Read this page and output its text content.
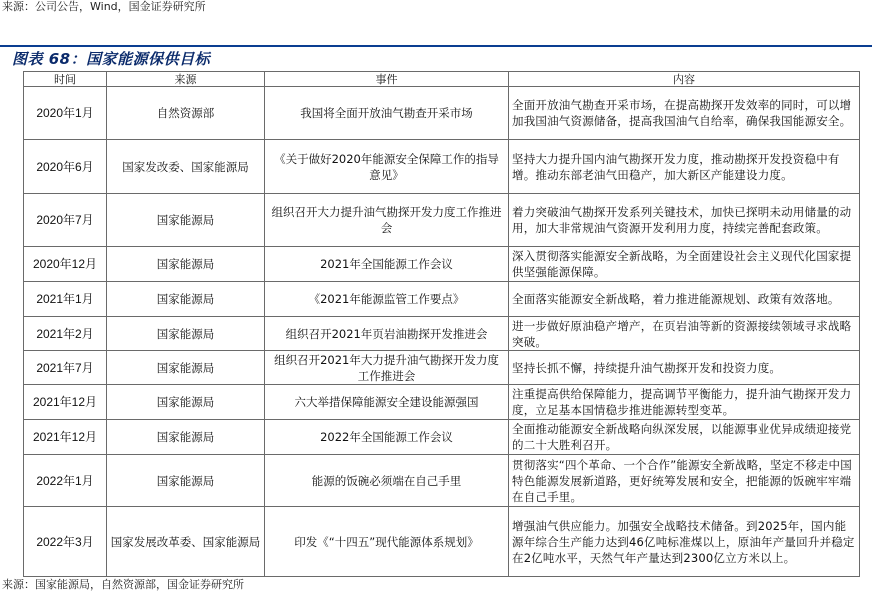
来源：公司公告，Wind，国金证券研究所
图表 68：国家能源保供目标
时间	来源	事件	内容
2020年1月	自然资源部	我国将全面开放油气勘查开采市场	全面开放油气勘查开采市场，在提高勘探开发效率的同时，可以增加我国油气资源储备，提高我国油气自给率，确保我国能源安全。
2020年6月	国家发改委、国家能源局	《关于做好2020年能源安全保障工作的指导意见》	坚持大力提升国内油气勘探开发力度，推动勘探开发投资稳中有增。推动东部老油气田稳产，加大新区产能建设力度。
2020年7月	国家能源局	组织召开大力提升油气勘探开发力度工作推进会	着力突破油气勘探开发系列关键技术，加快已探明未动用储量的动用，加大非常规油气资源开发利用力度，持续完善配套政策。
2020年12月	国家能源局	2021年全国能源工作会议	深入贯彻落实能源安全新战略，为全面建设社会主义现代化国家提供坚强能源保障。
2021年1月	国家能源局	《2021年能源监管工作要点》	全面落实能源安全新战略，着力推进能源规划、政策有效落地。
2021年2月	国家能源局	组织召开2021年页岩油勘探开发推进会	进一步做好原油稳产增产，在页岩油等新的资源接续领域寻求战略突破。
2021年7月	国家能源局	组织召开2021年大力提升油气勘探开发力度工作推进会	坚持长抓不懈，持续提升油气勘探开发和投资力度。
2021年12月	国家能源局	六大举措保障能源安全建设能源强国	注重提高供给保障能力，提高调节平衡能力，提升油气勘探开发力度，立足基本国情稳步推进能源转型变革。
2021年12月	国家能源局	2022年全国能源工作会议	全面推动能源安全新战略向纵深发展，以能源事业优异成绩迎接党的二十大胜利召开。
2022年1月	国家能源局	能源的饭碗必须端在自己手里	贯彻落实“四个革命、一个合作”能源安全新战略，坚定不移走中国特色能源发展新道路，更好统筹发展和安全，把能源的饭碗牢牢端在自己手里。
2022年3月	国家发展改革委、国家能源局	印发《“十四五”现代能源体系规划》	增强油气供应能力。加强安全战略技术储备。到2025年，国内能源年综合生产能力达到46亿吨标准煤以上，原油年产量回升并稳定在2亿吨水平，天然气年产量达到2300亿立方米以上。
来源：国家能源局，自然资源部，国金证券研究所
